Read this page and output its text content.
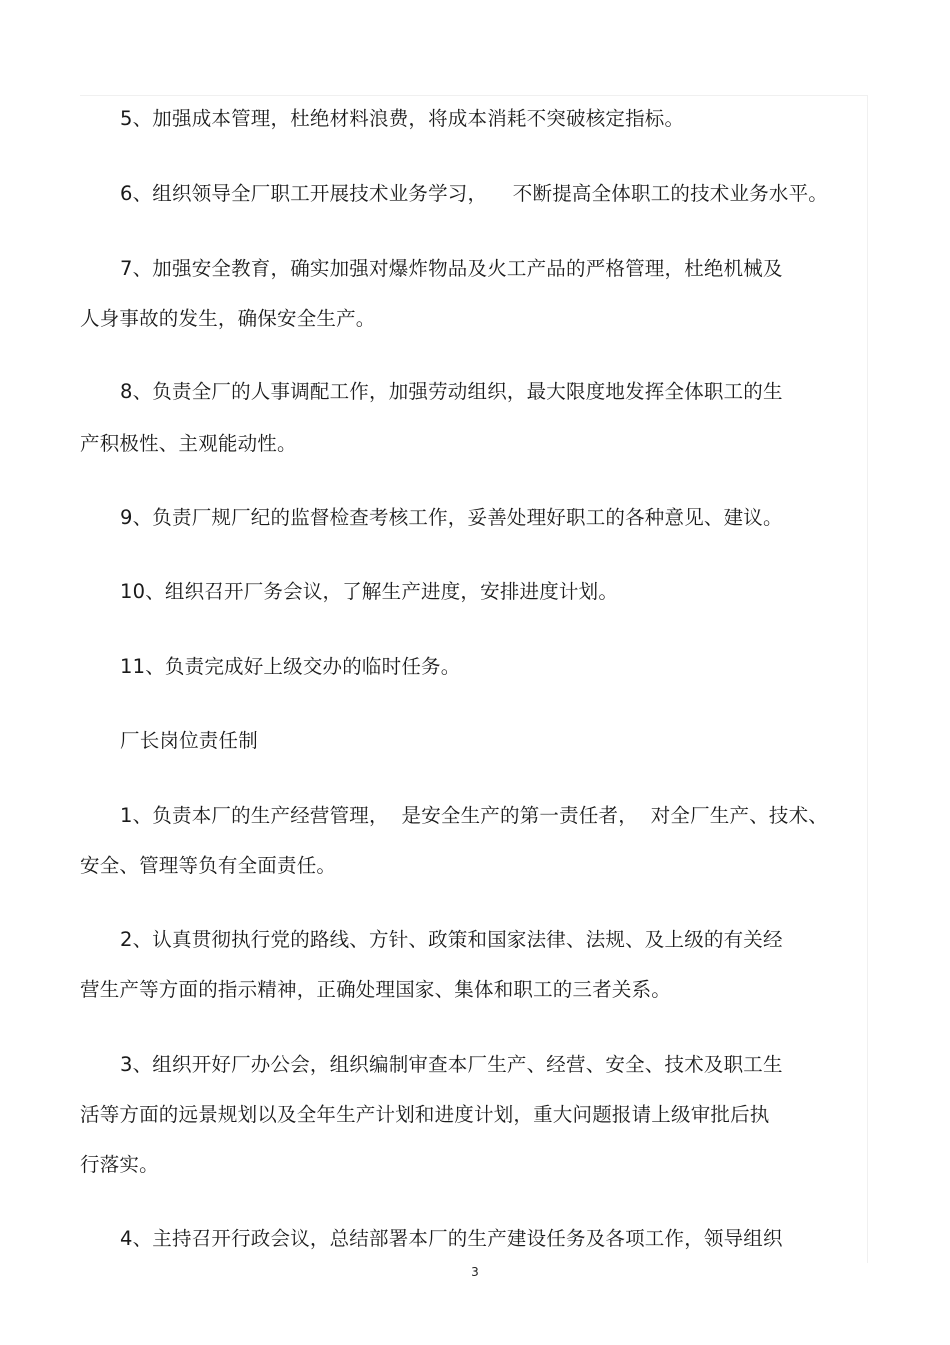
5、加强成本管理，杜绝材料浪费，将成本消耗不突破核定指标。
6、组织领导全厂职工开展技术业务学习，    不断提高全体职工的技术业务水平。
7、加强安全教育，确实加强对爆炸物品及火工产品的严格管理，杜绝机械及
人身事故的发生，确保安全生产。
8、负责全厂的人事调配工作，加强劳动组织，最大限度地发挥全体职工的生
产积极性、主观能动性。
9、负责厂规厂纪的监督检查考核工作，妥善处理好职工的各种意见、建议。
10、组织召开厂务会议，了解生产进度，安排进度计划。
11、负责完成好上级交办的临时任务。
厂长岗位责任制
1、负责本厂的生产经营管理，  是安全生产的第一责任者，  对全厂生产、技术、
安全、管理等负有全面责任。
2、认真贯彻执行党的路线、方针、政策和国家法律、法规、及上级的有关经
营生产等方面的指示精神，正确处理国家、集体和职工的三者关系。
3、组织开好厂办公会，组织编制审查本厂生产、经营、安全、技术及职工生
活等方面的远景规划以及全年生产计划和进度计划，重大问题报请上级审批后执
行落实。
4、主持召开行政会议，总结部署本厂的生产建设任务及各项工作，领导组织
3
